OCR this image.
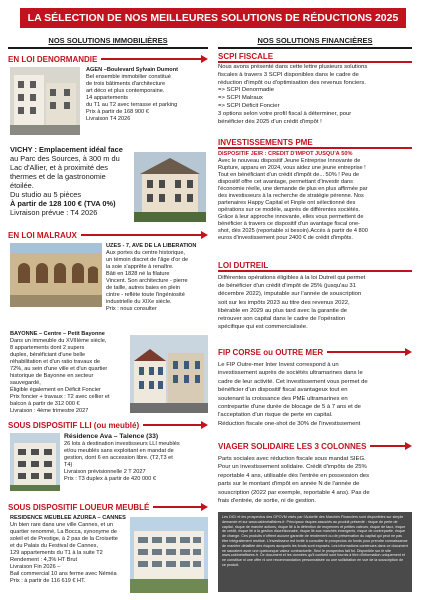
LA SÉLECTION DE NOS MEILLEURES SOLUTIONS DE RÉDUCTIONS 2025
NOS SOLUTIONS IMMOBILIÈRES	NOS SOLUTIONS FINANCIÈRES
EN LOI DENORMANDIE
AGEN –Boulevard Sylvain Dumont
Bel ensemble immobilier constitué
de trois bâtiments d'architecture
art déco et plus contemporaine.
14 appartements
du T1 au T2 avec terrasse et parking
Prix à partir de 168 900 €
Livraison T4 2026
VICHY : Emplacement idéal face
au Parc des Sources, à 300 m du
Lac d'Allier, et à proximité des
thermes et de la gastronomie
étoilée.
Du studio au 5 pièces
À partir de 128 100 € (TVA 0%)
Livraison prévue : T4 2026
EN LOI MALRAUX
UZÈS - 7, AVE DE LA LIBÉRATION
Aux portes du centre historique,
un témoin discret de l'âge d'or de
la soie s'apprête à renaître.
Bâti en 1828 né la filature
Vincent. Son architecture - pierre
de taille, autres baies en plein
cintre - reflète toute l'ingéniosité
industrielle du XIXe siècle.
Prix : nous consulter
BAYONNE – Centre – Petit Bayonne
Dans un immeuble du XVIIIème siècle,
8 appartements dont 2 supers
duplex, bénéficiant d'une belle
réhabilitation et d'un ratio travaux de
72%, au sein d'une ville et d'un quartier
historique de Bayonne en secteur
sauvegardé,
Éligible également en Déficit Foncier
Prix foncier + travaux : T2 avec cellier et
balcon à partir de 312 000 €
Livraison : 4ème trimestre 2027
SOUS DISPOSITIF LLI (ou meublé)
Résidence Ava – Talence (33)
26 lots à destination investisseurs LLI meublés
et/ou meublés sans exploitant en mandat de
gestion, dont 6 en accession libre. (T2,T3 et
T4)
Livraison prévisionnelle 2 T 2027
Prix : T3 duplex à partir de 420 000 €
SOUS DISPOSITIF LOUEUR MEUBLÉ
RÉSIDENCE MEUBLÉE AZURÉA – CANNES
Un bien rare dans une ville Cannes, et un
quartier renommé, La Bocca, synonyme de
soleil et de Prestige, à 2 pas de la Croisette
et du Palais du Festival de Cannes,
129 appartements du T1 à la suite T2
Rendement : 4,3% HT Brut
Livraison Fin 2026 –
Bail commercial 10 ans ferme avec Néméa
Prix : à partir de 116 619 € HT.
SCPI FISCALE
Nous avons présenté dans cette lettre plusieurs solutions
fiscales à travers 3 SCPI disponibles dans le cadre de
réduction d'impôt ou d'optimisation des revenus fonciers.
=> SCPI Denormadie
=> SCPI Malraux
=> SCPI Déficit Foncier
3 options selon votre profil fiscal à déterminer, pour
bénéficier dès 2025 d'un crédit d'impôt !
INVESTISSEMENTS PME
DISPOSITIF JEIR : CRÉDIT D'IMPÔT JUSQU'À 50%
Avec le nouveau dispositif Jeune Entreprise Innovante de
Rupture, apparu en 2024, vous aidez une jeune entreprise !
Tout en bénéficiant d'un crédit d'impôt de... 50% ! Peu de
dispositif offre cet avantage, permettant d'investir dans
l'économie réelle, une demande de plus en plus affirmée par
des investisseurs à la recherche de stratégie pérenne. Nos
partenaires Happy Capital et Finple ont sélectionné des
opérations sur ce modèle, auprès de différentes sociétés.
Grâce à leur approche innovante, elles vous permettent de
bénéficier à travers ce dispositif d'un avantage fiscal one-
shot, dès 2025 (reportable si besoin).Accès à partir de 4 800
euros d'investissement pour 2400 € de crédit d'impôts.
LOI DUTREIL
Différentes opérations éligibles à la loi Dutreil qui permet
de bénéficier d'un crédit d'impôt de 25% (jusqu'au 31
décembre 2022), imputable sur l'année de souscription
soit sur les impôts 2023 au titre des revenus 2022,
libérable en 2029 au plus tard avec la garantie de
retrouver son capital dans le cadre de l'opération
spécifique qui est commercialisée.
FIP CORSE ou OUTRE MER
Le FIP Outre-mer Inter Invest correspond à un
investissement auprès de sociétés ultramarines dans le
cadre de leur activité. Cet investissement vous permet de
bénéficier d'un dispositif fiscal avantageux tout en
soutenant la croissance des PME ultramarines en
contrepartie d'une durée de blocage de 5 à 7 ans et de
l'acceptation d'un risque de perte en capital.
Réduction fiscale one-shot de 30% de l'investissement
VIAGER SOLIDAIRE LES 3 COLONNES
Parts sociales avec réduction fiscale sous mandat SIEG.
Pour un investissement solidaire. Crédit d'impôts de 25%
reportable 4 ans, utilisable dès l'entrée en possession des
parts sur le montant d'impôt en année N de l'année de
souscription (2022 par exemple, reportable 4 ans). Pas de
frais d'entrée, de sortie, ni de gestion.
Les DICI et les prospectus des OPCVM visés par l'Autorité des Marchés Financiers sont disponibles sur simple demande et sur www.cabinetaffaires.fr. Principaux risques associés au produit présenté : risque de perte de capital, risque de marché actions, risque lié à la détention de moyennes et petites valeurs, risque de taux, risque de crédit, risque lié à la gestion discrétionnaire, risque lié aux marchés émergents, risque de contrepartie, risque de change. Ces produits n'offrent aucune garantie de rendement ou de préservation du capital qui peut ne pas être intégralement restitué. L'investisseur est invité à consulter le prospectus du fonds pour prendre connaissance de manière détaillée des risques auxquels les fonds sont exposés. Les informations contenues dans ce document ne sauraient avoir une quelconque valeur contractuelle. Seul le prospectus fait foi. Disponible sur le site www.cabinetaffaires.fr. Ce document et les données qu'il contient sont fournis à titre d'information uniquement et ne constitue ni une offre ni une recommandation personnalisée ou une sollicitation en vue de la souscription de ce produit.
